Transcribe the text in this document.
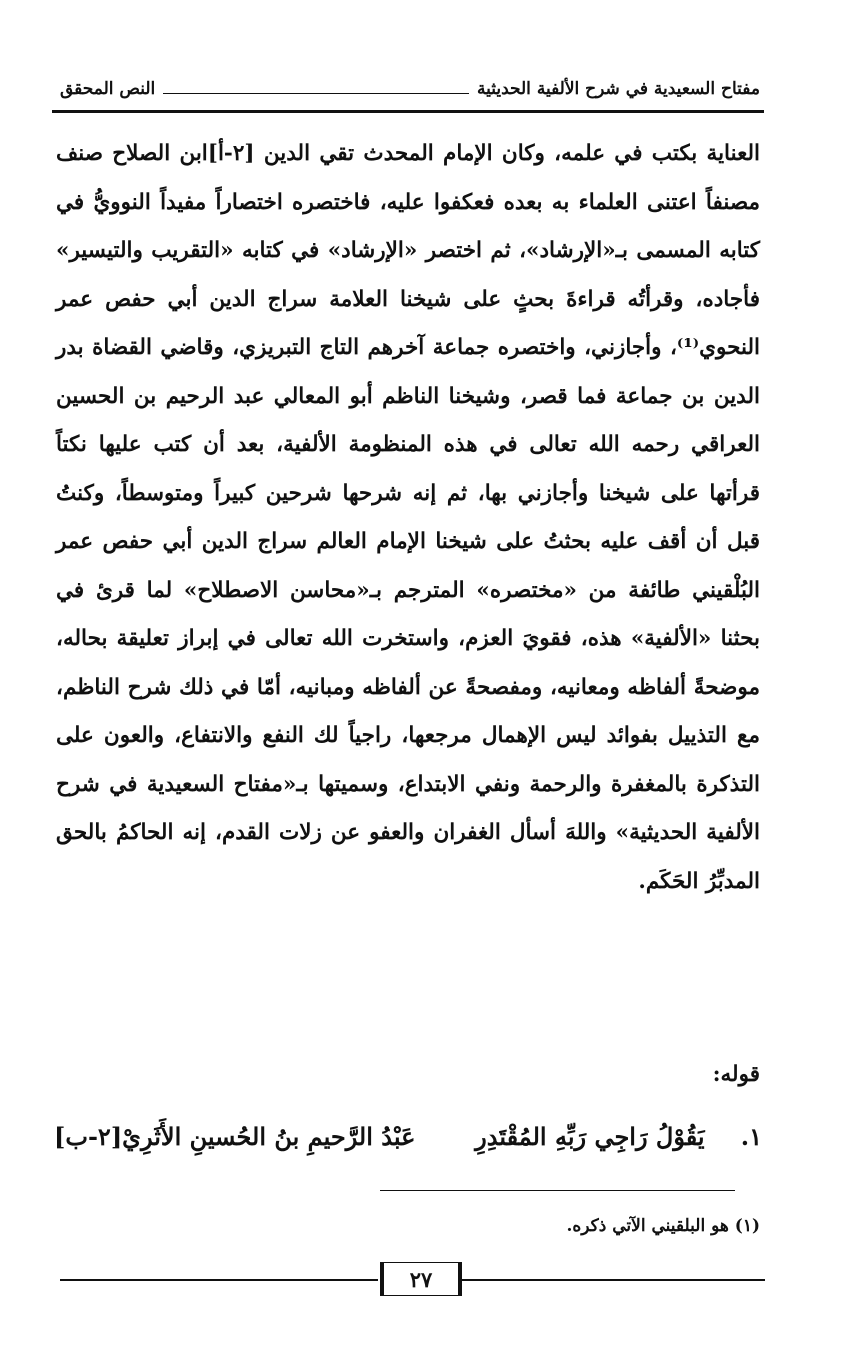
مفتاح السعيدية في شرح الألفية الحديثية
النص المحقق

العناية بكتب في علمه، وكان الإمام المحدث تقي الدين [٢-أ]ابن الصلاح صنف مصنفاً اعتنى العلماء به بعده فعكفوا عليه، فاختصره اختصاراً مفيداً النوويُّ في كتابه المسمى بـ«الإرشاد»، ثم اختصر «الإرشاد» في كتابه «التقريب والتيسير» فأجاده، وقرأتُه قراءةَ بحثٍ على شيخنا العلامة سراج الدين أبي حفص عمر النحوي⁽¹⁾، وأجازني، واختصره جماعة آخرهم التاج التبريزي، وقاضي القضاة بدر الدين بن جماعة فما قصر، وشيخنا الناظم أبو المعالي عبد الرحيم بن الحسين العراقي رحمه الله تعالى في هذه المنظومة الألفية، بعد أن كتب عليها نكتاً قرأتها على شيخنا وأجازني بها، ثم إنه شرحها شرحين كبيراً ومتوسطاً، وكنتُ قبل أن أقف عليه بحثتُ على شيخنا الإمام العالم سراج الدين أبي حفص عمر البُلْقيني طائفة من «مختصره» المترجم بـ«محاسن الاصطلاح» لما قرئ في بحثنا «الألفية» هذه، فقويَ العزم، واستخرت الله تعالى في إبراز تعليقة بحاله، موضحةً ألفاظه ومعانيه، ومفصحةً عن ألفاظه ومبانيه، أمّا في ذلك شرح الناظم، مع التذييل بفوائد ليس الإهمال مرجعها، راجياً لك النفع والانتفاع، والعون على التذكرة بالمغفرة والرحمة ونفي الابتداع، وسميتها بـ«مفتاح السعيدية في شرح الألفية الحديثية» واللهَ أسأل الغفران والعفو عن زلات القدم، إنه الحاكمُ بالحق المدبِّرُ الحَكَم.

قوله:
١.
يَقُوْلُ رَاجِي رَبِّهِ المُقْتَدِرِ
عَبْدُ الرَّحيمِ بنُ الحُسينِ الأَثَرِيْ[٢-ب]
(١) هو البلقيني الآتي ذكره.
٢٧
